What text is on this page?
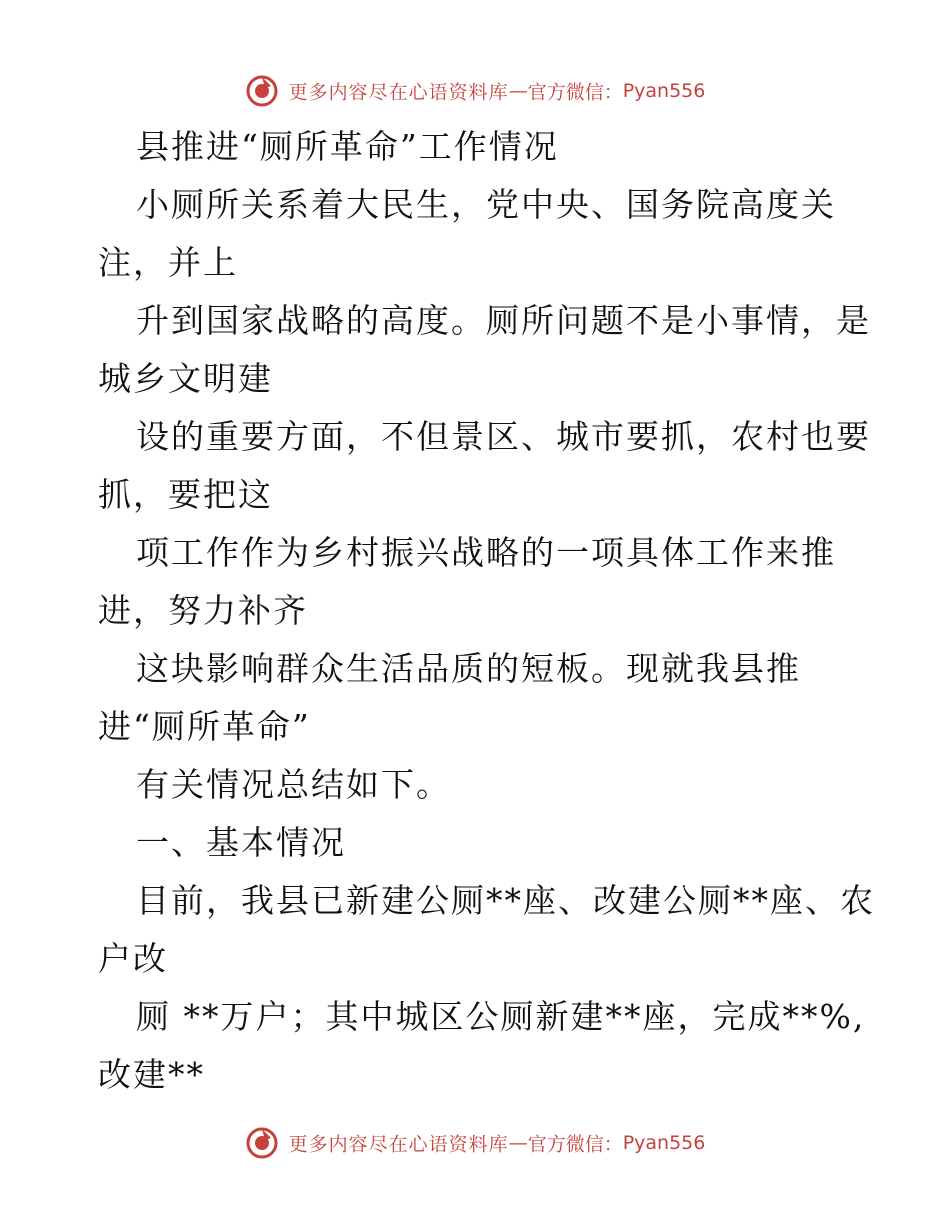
更多内容尽在心语资料库—官方微信：Pyan556
县推进“厕所革命”工作情况
小厕所关系着大民生，党中央、国务院高度关
注，并上
升到国家战略的高度。厕所问题不是小事情，是
城乡文明建
设的重要方面，不但景区、城市要抓，农村也要
抓，要把这
项工作作为乡村振兴战略的一项具体工作来推
进，努力补齐
这块影响群众生活品质的短板。现就我县推
进“厕所革命”
有关情况总结如下。
一、基本情况
目前，我县已新建公厕**座、改建公厕**座、农
户改
厕 **万户；其中城区公厕新建**座，完成**%,
改建**
更多内容尽在心语资料库—官方微信：Pyan556
